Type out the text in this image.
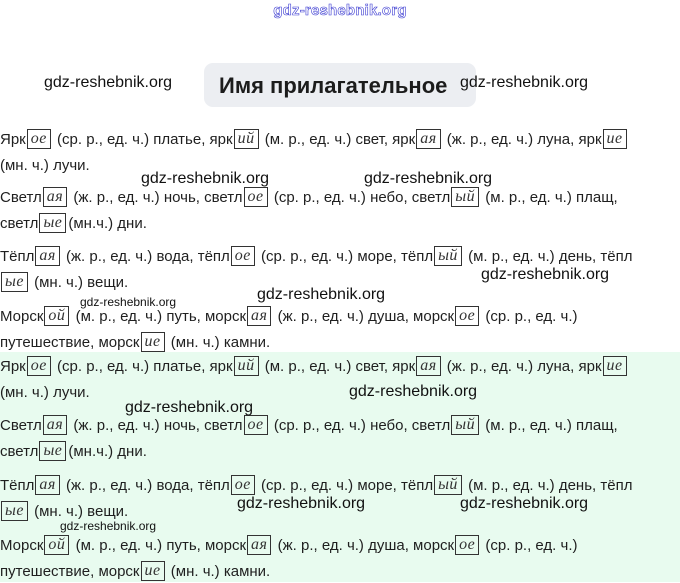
gdz-reshebnik.org
Имя прилагательное
Ярк ое (ср. р., ед. ч.) платье, ярк ий (м. р., ед. ч.) свет, ярк ая (ж. р., ед. ч.) луна, ярк ие
(мн. ч.) лучи.
Светл ая (ж. р., ед. ч.) ночь, светл ое (ср. р., ед. ч.) небо, светл ый (м. р., ед. ч.) плащ,
светл ые (мн.ч.) дни.
Тёпл ая (ж. р., ед. ч.) вода, тёпл ое (ср. р., ед. ч.) море, тёпл ый (м. р., ед. ч.) день, тёпл
ые (мн. ч.) вещи.
Морск ой (м. р., ед. ч.) путь, морск ая (ж. р., ед. ч.) душа, морск ое (ср. р., ед. ч.)
путешествие, морск ие (мн. ч.) камни.
Ярк ое (ср. р., ед. ч.) платье, ярк ий (м. р., ед. ч.) свет, ярк ая (ж. р., ед. ч.) луна, ярк ие
(мн. ч.) лучи.
Светл ая (ж. р., ед. ч.) ночь, светл ое (ср. р., ед. ч.) небо, светл ый (м. р., ед. ч.) плащ,
светл ые (мн.ч.) дни.
Тёпл ая (ж. р., ед. ч.) вода, тёпл ое (ср. р., ед. ч.) море, тёпл ый (м. р., ед. ч.) день, тёпл
ые (мн. ч.) вещи.
Морск ой (м. р., ед. ч.) путь, морск ая (ж. р., ед. ч.) душа, морск ое (ср. р., ед. ч.)
путешествие, морск ие (мн. ч.) камни.
gdz-reshebnik.org	gdz-reshebnik.org
gdz-reshebnik.org	gdz-reshebnik.org
gdz-reshebnik.org
gdz-reshebnik.org
gdz-reshebnik.org
gdz-reshebnik.org
gdz-reshebnik.org
gdz-reshebnik.org	gdz-reshebnik.org
gdz-reshebnik.org
